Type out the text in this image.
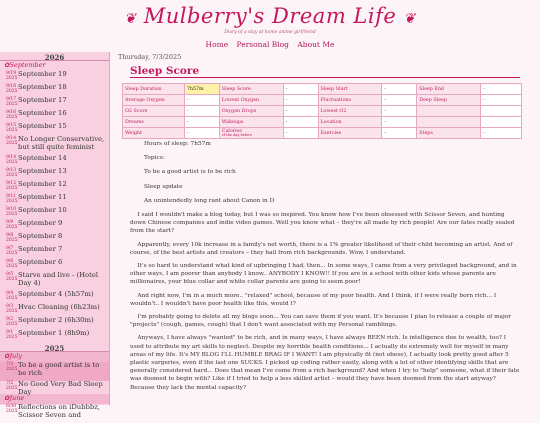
❦ Mulberry's Dream Life ❦
Diary of a stay at home anime girlfriend
Home Personal Blog About Me
2026
✿September
9/19
2025 September 19
9/18
2025 September 18
9/17
2025 September 17
9/16
2025 September 16
9/15
2025 September 15
9/14
2025 No Longer Conservative, but still quite feminist
9/14
2025 September 14
9/13
2025 September 13
9/12
2025 September 12
9/11
2025 September 11
9/10
2025 September 10
9/9
2025 September 9
9/8
2025 September 8
9/7
2025 September 7
9/6
2025 September 6
9/5
2025 Starve and live - (Hotel Day 4)
9/4
2025 September 4 (5h57m)
9/3
2025 Hvac Cleaning (6h23m)
9/2
2025 September 2 (6h30m)
9/1
2025 September 1 (8h9m)
2025
✿July
7/3
2025 To be a good artist is to be rich
7/2
2025 No Good Very Bad Sleep Day
✿June
6/30
2025 Reflections on iDubbbz, Scissor Seven and
Thursday, 7/3/2025
Sleep Score
Sleep Duration	7h57m	Sleep Score	-	Sleep Start	-	Sleep End	-
Average Oxygen	-	Lowest Oxygen	-	Fluctuations	-	Deep Sleep	-
O2 Score	-	Oxygen Drops	-	Lowest O2	-		
Dreams	-	Wakeups	-	Location	-		
Weight	-	Calories
of the day before	-	Exercise	-	Steps	-

Hours of sleep: 7h57m

Topics:

To be a good artist is to be rich

Sleep update

An unintendedly long rant about Canon in D

I said I wouldn't make a blog today, but I was so inspired. You know how I've been obsessed with Scissor Seven, and hunting down Chinese companies and indie video games. Well you know what – they're all made by rich people! Are our fates really sealed from the start?

Apparently, every 10k increase in a family's net worth, there is a 1% greater likelihood of their child becoming an artist. And of course, of the best artists and creators – they hail from rich backgrounds. Wow. I understand.

It's so hard to understand what kind of upbringing I had, then... In some ways, I came from a very privileged background, and in other ways, I am poorer than anybody I know.. ANYBODY I KNOW!! If you are in a school with other kids whose parents are millionaires, your blue collar and white collar parents are going to seem poor!

And right now, I'm in a much more.. "relaxed" school, because of my poor health. And I think, if I were really born rich... I wouldn't.. I wouldn't have poor health like this, would I?

I'm probably going to delete all my blogs soon... You can save them if you want. It's because I plan to release a couple of major "projects" (cough, games, cough) that I don't want associated with my Personal ramblings.

Anyways, I have always "wanted" to be rich, and in many ways, I have always BEEN rich. Is intelligence due to wealth, too? I used to attribute my art skills to neglect. Despite my horrible health conditions... I actually do extremely well for myself in many areas of my life. It's MY BLOG I'LL HUMBLE BRAG IF I WANT! I am physically fit (not obese), I actually look pretty good after 5 plastic surgeries, even if the last one SUCKS. I picked up coding rather easily, along with a lot of other identifying skills that are generally considered hard... Does that mean I've come from a rich background? And when I try to "help" someone, what if their fate was doomed to begin with? Like if I tried to help a less skilled artist – would they have been doomed from the start anyway? Because they lack the mental capacity?
